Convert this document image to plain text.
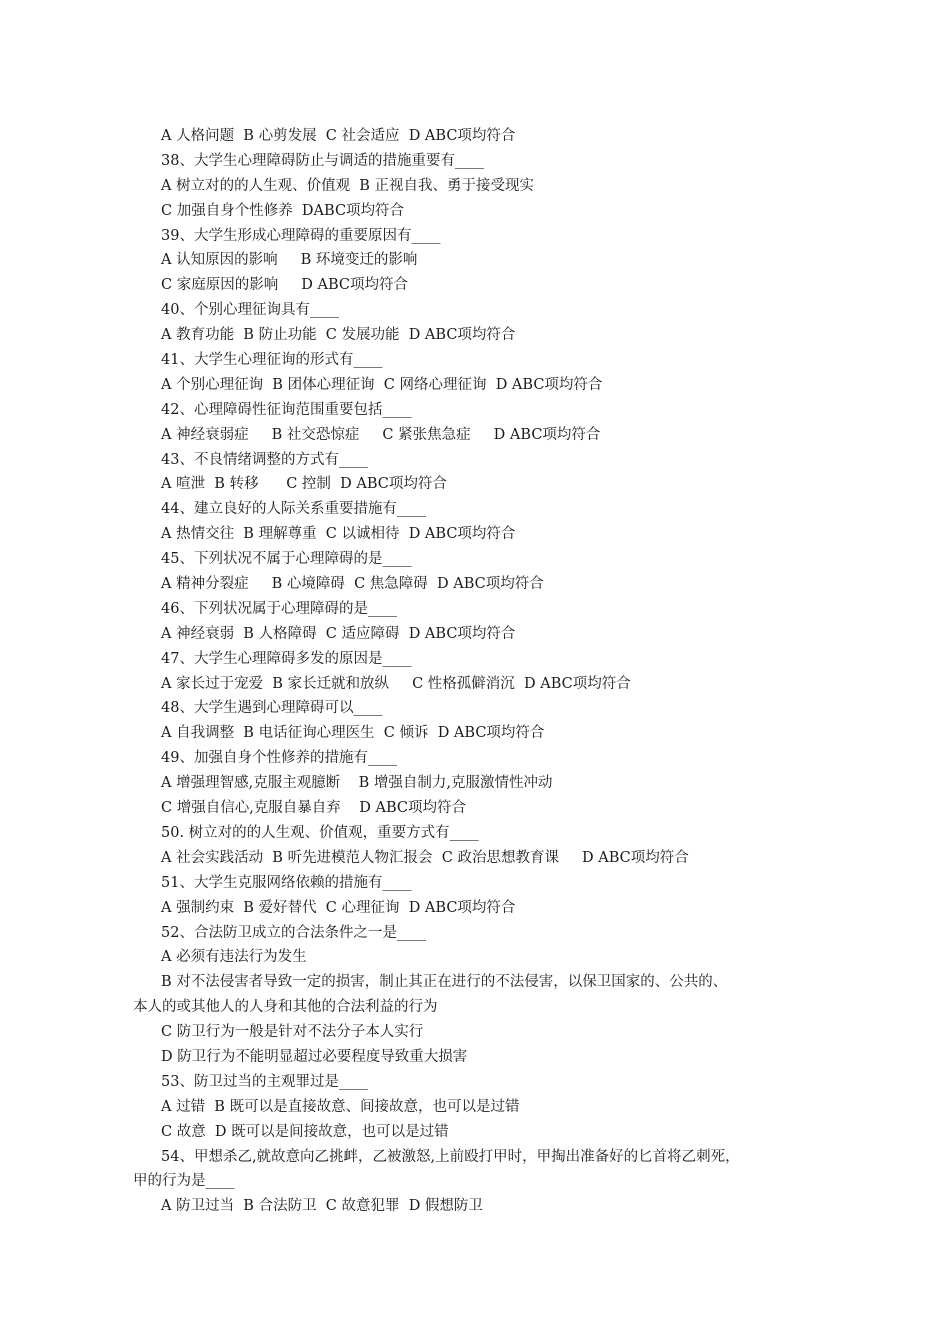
A 人格问题  B 心剪发展  C 社会适应  D ABC项均符合
38、大学生心理障碍防止与调适的措施重要有____
A 树立对的的人生观、价值观  B 正视自我、勇于接受现实
C 加强自身个性修养  DABC项均符合
39、大学生形成心理障碍的重要原因有____
A 认知原因的影响     B 环境变迁的影响
C 家庭原因的影响     D ABC项均符合
40、个别心理征询具有____
A 教育功能  B 防止功能  C 发展功能  D ABC项均符合
41、大学生心理征询的形式有____
A 个别心理征询  B 团体心理征询  C 网络心理征询  D ABC项均符合
42、心理障碍性征询范围重要包括____
A 神经衰弱症     B 社交恐惊症     C 紧张焦急症     D ABC项均符合
43、不良情绪调整的方式有____
A 喧泄  B 转移      C 控制  D ABC项均符合
44、建立良好的人际关系重要措施有____
A 热情交往  B 理解尊重  C 以诚相待  D ABC项均符合
45、下列状况不属于心理障碍的是____
A 精神分裂症     B 心境障碍  C 焦急障碍  D ABC项均符合
46、下列状况属于心理障碍的是____
A 神经衰弱  B 人格障碍  C 适应障碍  D ABC项均符合
47、大学生心理障碍多发的原因是____
A 家长过于宠爱  B 家长迁就和放纵     C 性格孤僻消沉  D ABC项均符合
48、大学生遇到心理障碍可以____
A 自我调整  B 电话征询心理医生  C 倾诉  D ABC项均符合
49、加强自身个性修养的措施有____
A 增强理智感,克服主观臆断    B 增强自制力,克服激情性冲动
C 增强自信心,克服自暴自弃    D ABC项均符合
50. 树立对的的人生观、价值观，重要方式有____
A 社会实践活动  B 听先进模范人物汇报会  C 政治思想教育课     D ABC项均符合
51、大学生克服网络依赖的措施有____
A 强制约束  B 爱好替代  C 心理征询  D ABC项均符合
52、合法防卫成立的合法条件之一是____
A 必须有违法行为发生
B 对不法侵害者导致一定的损害，制止其正在进行的不法侵害，以保卫国家的、公共的、
本人的或其他人的人身和其他的合法利益的行为
C 防卫行为一般是针对不法分子本人实行
D 防卫行为不能明显超过必要程度导致重大损害
53、防卫过当的主观罪过是____
A 过错  B 既可以是直接故意、间接故意，也可以是过错
C 故意  D 既可以是间接故意，也可以是过错
54、甲想杀乙,就故意向乙挑衅，乙被激怒,上前殴打甲时，甲掏出准备好的匕首将乙刺死，
甲的行为是____
A 防卫过当  B 合法防卫  C 故意犯罪  D 假想防卫
